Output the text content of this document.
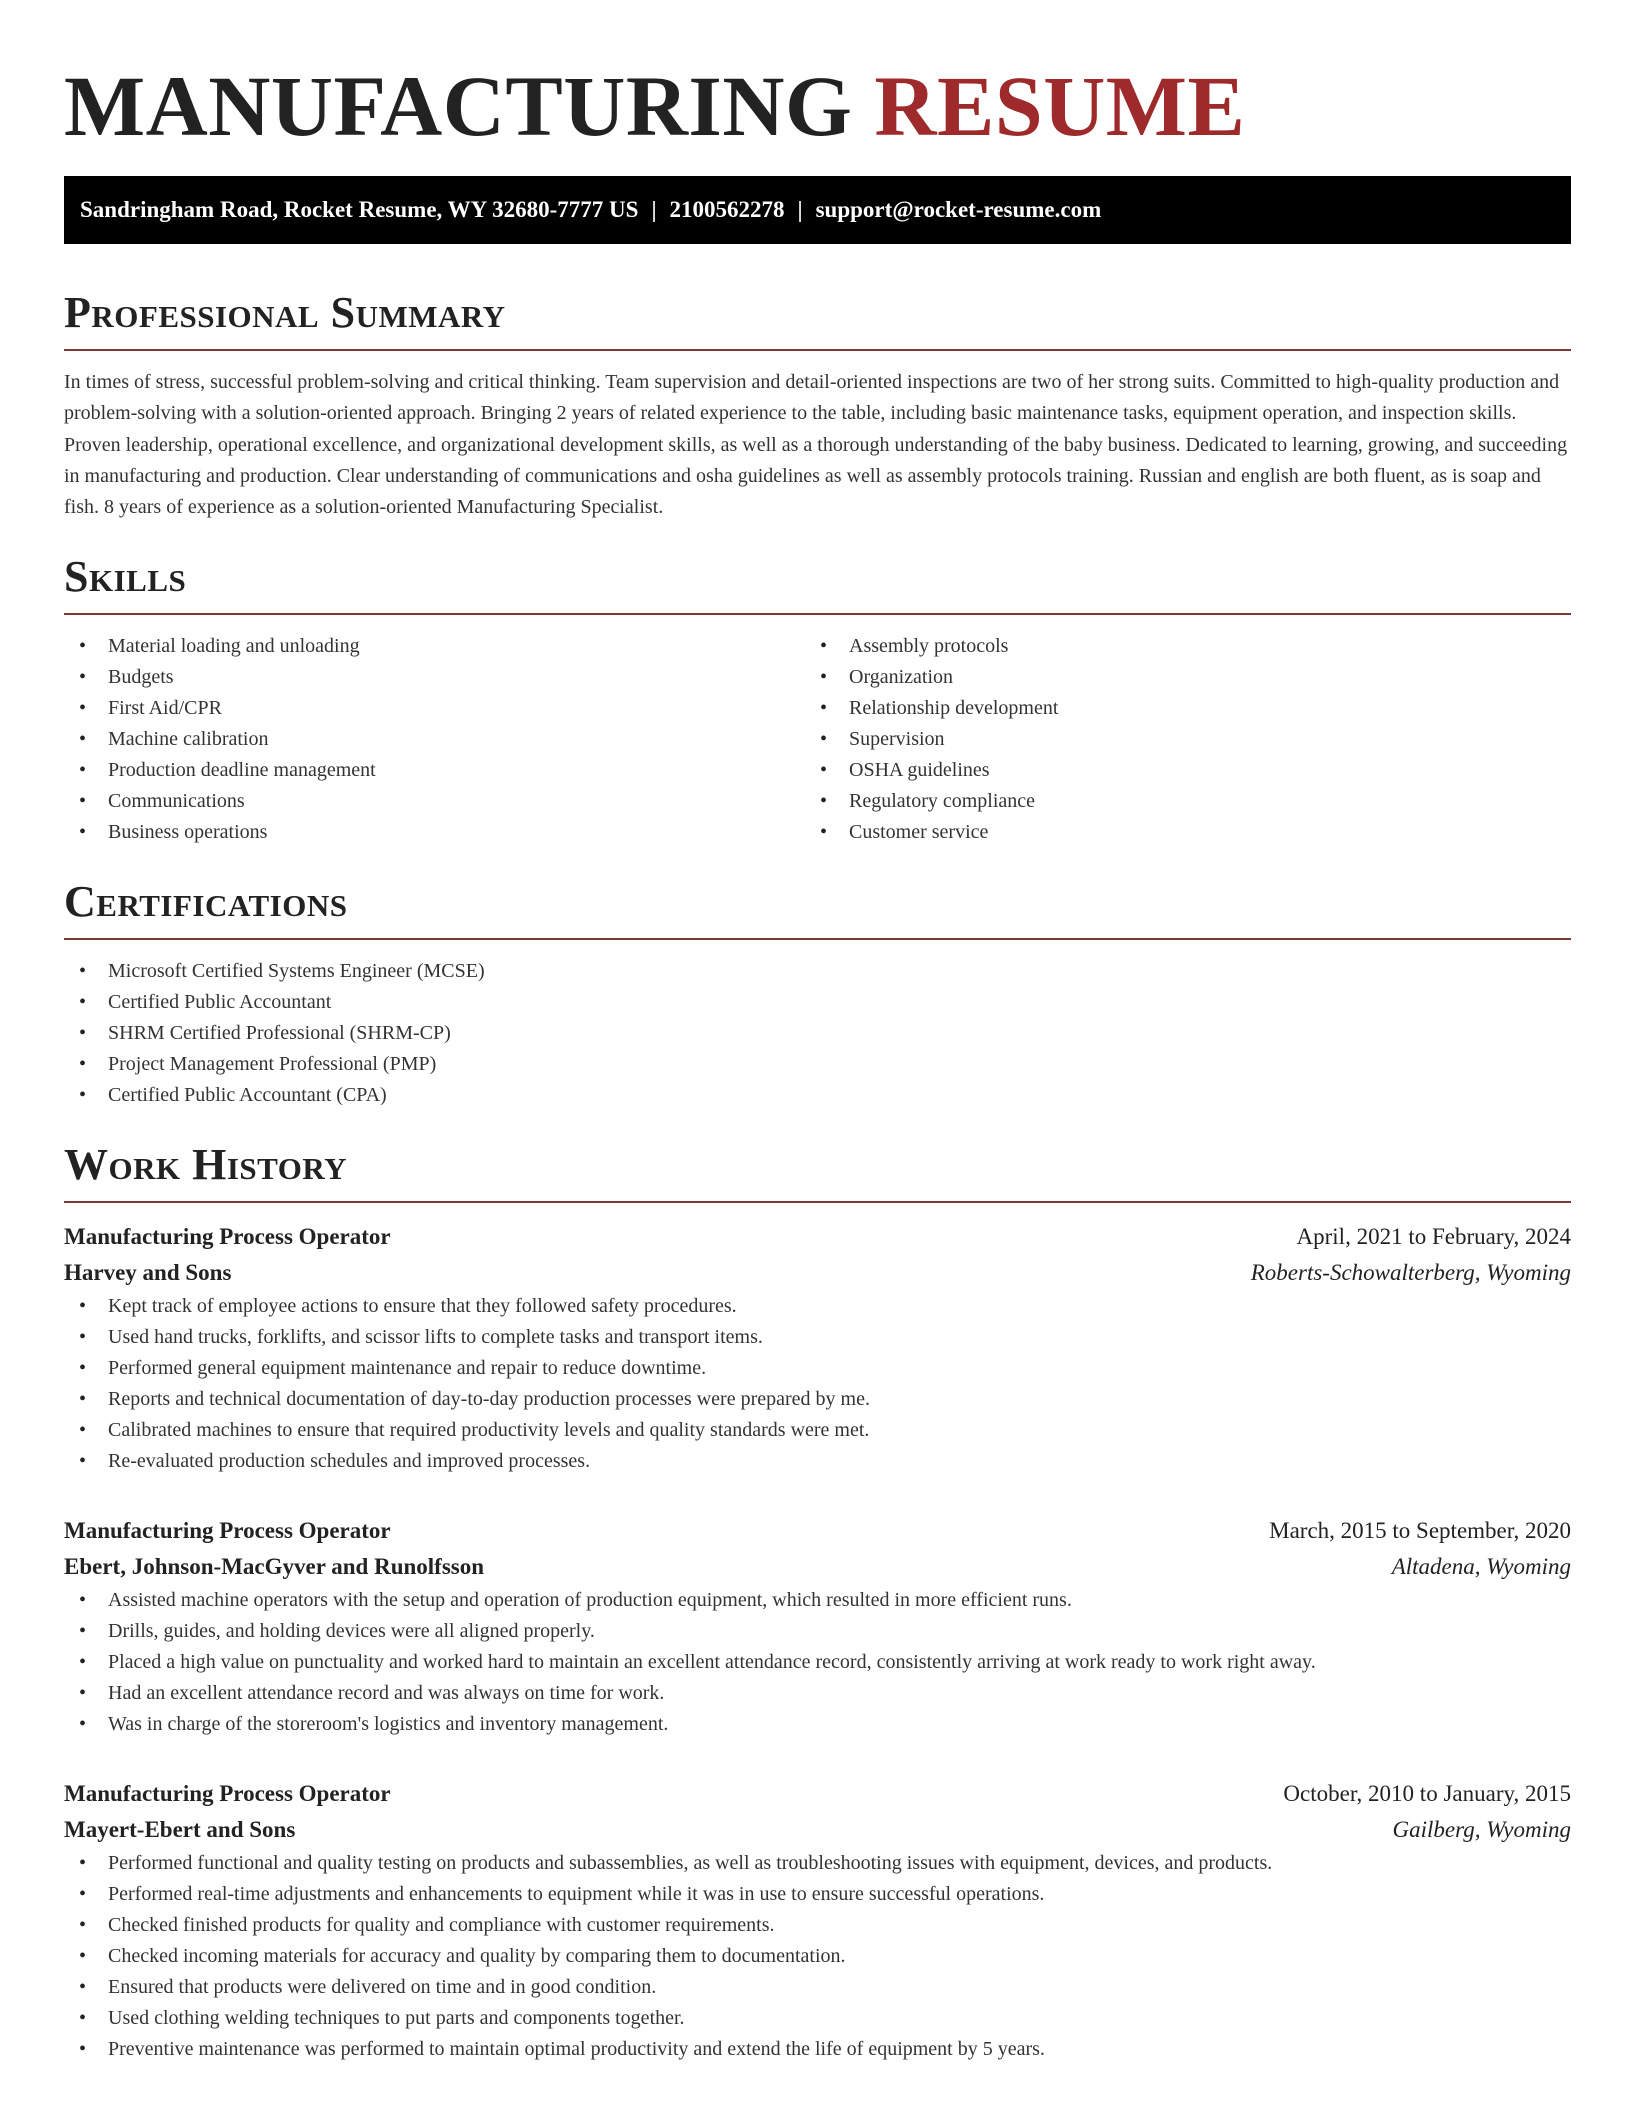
MANUFACTURING RESUME
Sandringham Road, Rocket Resume, WY 32680-7777 US | 2100562278 | support@rocket-resume.com
Professional Summary

In times of stress, successful problem-solving and critical thinking. Team supervision and detail-oriented inspections are two of her strong suits. Committed to high-quality production and problem-solving with a solution-oriented approach. Bringing 2 years of related experience to the table, including basic maintenance tasks, equipment operation, and inspection skills. Proven leadership, operational excellence, and organizational development skills, as well as a thorough understanding of the baby business. Dedicated to learning, growing, and succeeding in manufacturing and production. Clear understanding of communications and osha guidelines as well as assembly protocols training. Russian and english are both fluent, as is soap and fish. 8 years of experience as a solution-oriented Manufacturing Specialist.

Skills
• Material loading and unloading
• Budgets
• First Aid/CPR
• Machine calibration
• Production deadline management
• Communications
• Business operations
• Assembly protocols
• Organization
• Relationship development
• Supervision
• OSHA guidelines
• Regulatory compliance
• Customer service
Certifications
• Microsoft Certified Systems Engineer (MCSE)
• Certified Public Accountant
• SHRM Certified Professional (SHRM-CP)
• Project Management Professional (PMP)
• Certified Public Accountant (CPA)
Work History
Manufacturing Process Operator	April, 2021 to February, 2024
Harvey and Sons	Roberts-Schowalterberg, Wyoming
• Kept track of employee actions to ensure that they followed safety procedures.
• Used hand trucks, forklifts, and scissor lifts to complete tasks and transport items.
• Performed general equipment maintenance and repair to reduce downtime.
• Reports and technical documentation of day-to-day production processes were prepared by me.
• Calibrated machines to ensure that required productivity levels and quality standards were met.
• Re-evaluated production schedules and improved processes.
Manufacturing Process Operator	March, 2015 to September, 2020
Ebert, Johnson-MacGyver and Runolfsson	Altadena, Wyoming
• Assisted machine operators with the setup and operation of production equipment, which resulted in more efficient runs.
• Drills, guides, and holding devices were all aligned properly.
• Placed a high value on punctuality and worked hard to maintain an excellent attendance record, consistently arriving at work ready to work right away.
• Had an excellent attendance record and was always on time for work.
• Was in charge of the storeroom's logistics and inventory management.
Manufacturing Process Operator	October, 2010 to January, 2015
Mayert-Ebert and Sons	Gailberg, Wyoming
• Performed functional and quality testing on products and subassemblies, as well as troubleshooting issues with equipment, devices, and products.
• Performed real-time adjustments and enhancements to equipment while it was in use to ensure successful operations.
• Checked finished products for quality and compliance with customer requirements.
• Checked incoming materials for accuracy and quality by comparing them to documentation.
• Ensured that products were delivered on time and in good condition.
• Used clothing welding techniques to put parts and components together.
• Preventive maintenance was performed to maintain optimal productivity and extend the life of equipment by 5 years.
